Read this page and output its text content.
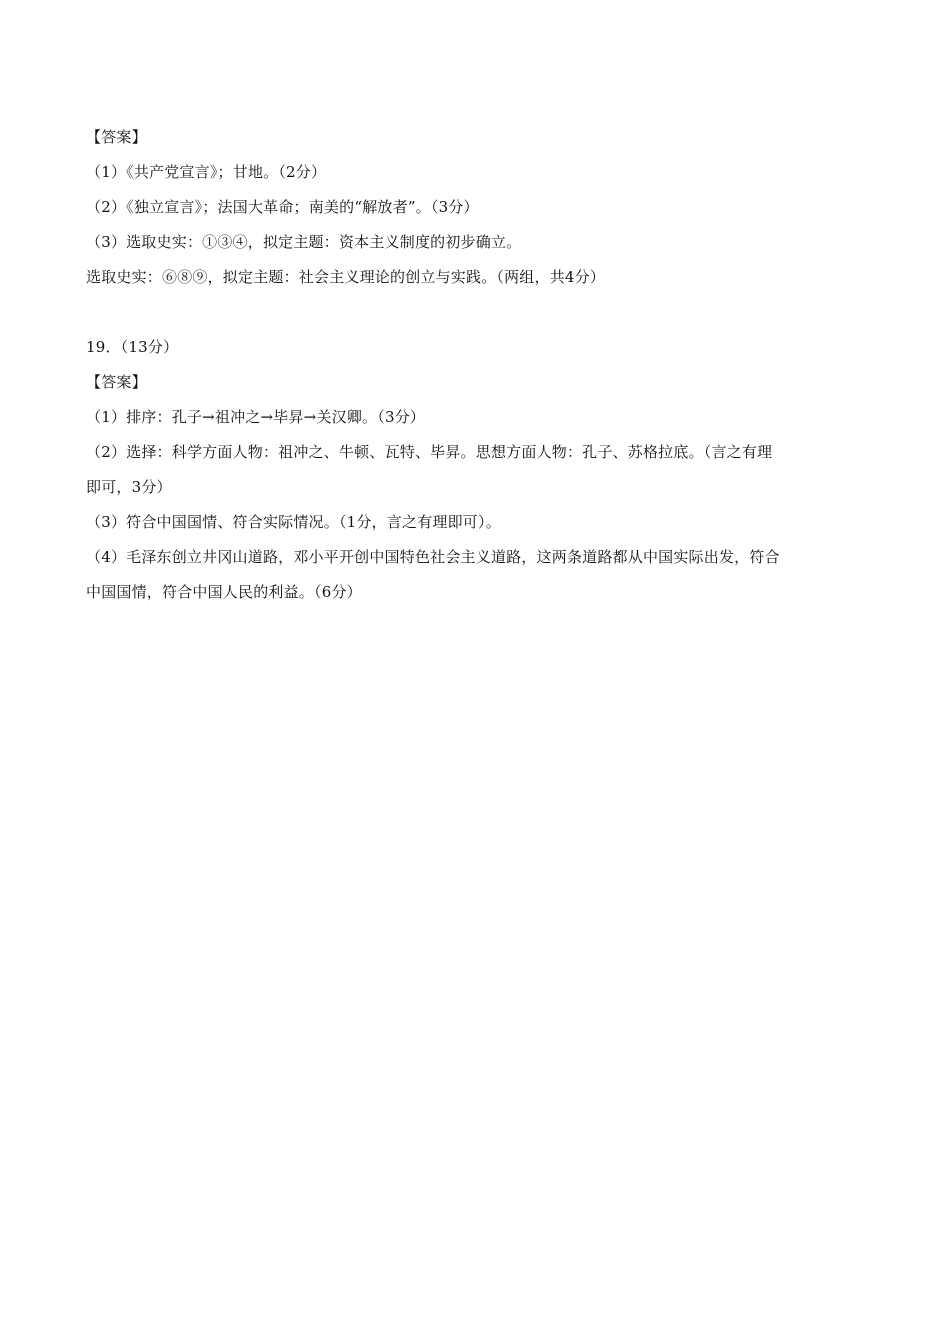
【答案】
（1）《共产党宣言》；甘地。（2分）
（2）《独立宣言》；法国大革命；南美的“解放者”。（3分）
（3）选取史实：①③④，拟定主题：资本主义制度的初步确立。
选取史实：⑥⑧⑨，拟定主题：社会主义理论的创立与实践。（两组，共4分）
19．（13分）
【答案】
（1）排序：孔子→祖冲之→毕昇→关汉卿。（3分）
（2）选择：科学方面人物：祖冲之、牛顿、瓦特、毕昇。思想方面人物：孔子、苏格拉底。（言之有理
即可，3分）
（3）符合中国国情、符合实际情况。（1分，言之有理即可）。
（4）毛泽东创立井冈山道路，邓小平开创中国特色社会主义道路，这两条道路都从中国实际出发，符合
中国国情，符合中国人民的利益。（6分）
